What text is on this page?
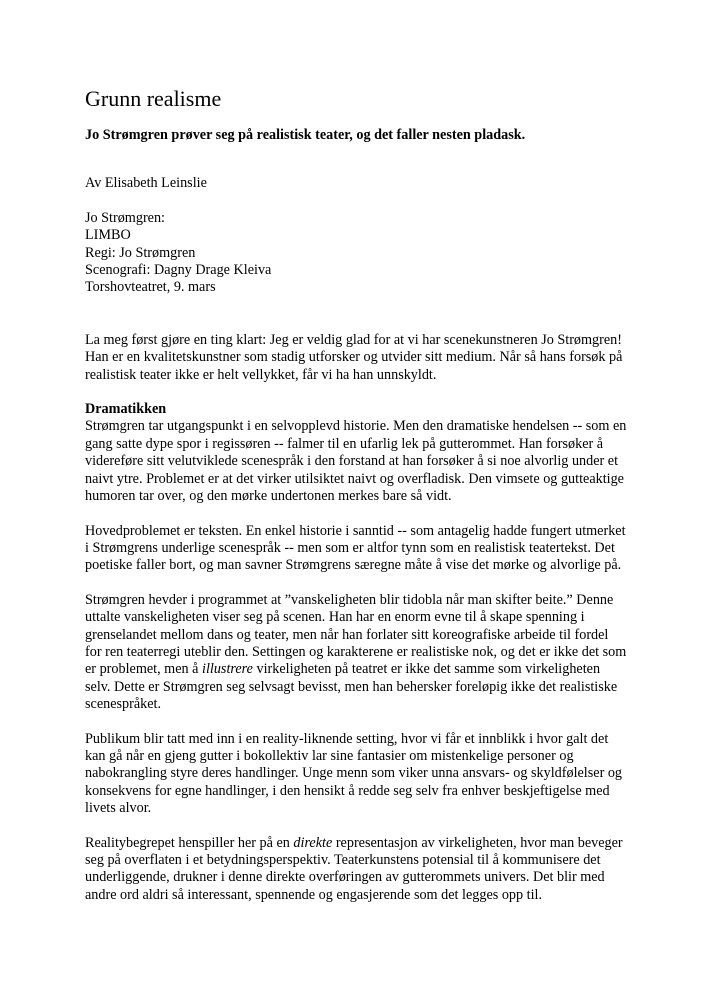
Grunn realisme

Jo Strømgren prøver seg på realistisk teater, og det faller nesten pladask.

Av Elisabeth Leinslie

Jo Strømgren:
LIMBO
Regi: Jo Strømgren
Scenografi: Dagny Drage Kleiva
Torshovteatret, 9. mars

La meg først gjøre en ting klart: Jeg er veldig glad for at vi har scenekunstneren Jo Strømgren! Han er en kvalitetskunstner som stadig utforsker og utvider sitt medium. Når så hans forsøk på realistisk teater ikke er helt vellykket, får vi ha han unnskyldt.

Dramatikken

Strømgren tar utgangspunkt i en selvopplevd historie. Men den dramatiske hendelsen -- som en gang satte dype spor i regissøren -- falmer til en ufarlig lek på gutterommet. Han forsøker å videreføre sitt velutviklede scenespråk i den forstand at han forsøker å si noe alvorlig under et naivt ytre. Problemet er at det virker utilsiktet naivt og overfladisk. Den vimsete og gutteaktige humoren tar over, og den mørke undertonen merkes bare så vidt.

Hovedproblemet er teksten. En enkel historie i sanntid -- som antagelig hadde fungert utmerket i Strømgrens underlige scenespråk -- men som er altfor tynn som en realistisk teatertekst. Det poetiske faller bort, og man savner Strømgrens særegne måte å vise det mørke og alvorlige på.

Strømgren hevder i programmet at ”vanskeligheten blir tidobla når man skifter beite.” Denne uttalte vanskeligheten viser seg på scenen. Han har en enorm evne til å skape spenning i grenselandet mellom dans og teater, men når han forlater sitt koreografiske arbeide til fordel for ren teaterregi uteblir den. Settingen og karakterene er realistiske nok, og det er ikke det som er problemet, men å illustrere virkeligheten på teatret er ikke det samme som virkeligheten selv. Dette er Strømgren seg selvsagt bevisst, men han behersker foreløpig ikke det realistiske scenespråket.

Publikum blir tatt med inn i en reality-liknende setting, hvor vi får et innblikk i hvor galt det kan gå når en gjeng gutter i bokollektiv lar sine fantasier om mistenkelige personer og nabokrangling styre deres handlinger. Unge menn som viker unna ansvars- og skyldfølelser og konsekvens for egne handlinger, i den hensikt å redde seg selv fra enhver beskjeftigelse med livets alvor.

Realitybegrepet henspiller her på en direkte representasjon av virkeligheten, hvor man beveger seg på overflaten i et betydningsperspektiv. Teaterkunstens potensial til å kommunisere det underliggende, drukner i denne direkte overføringen av gutterommets univers. Det blir med andre ord aldri så interessant, spennende og engasjerende som det legges opp til.
